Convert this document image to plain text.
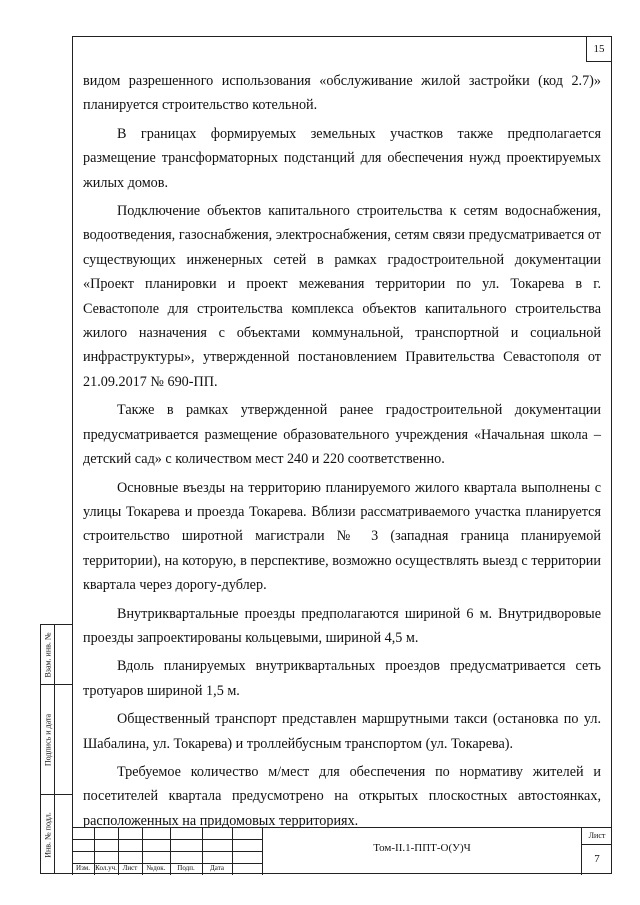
15

видом разрешенного использования «обслуживание жилой застройки (код 2.7)» планируется строительство котельной.

В границах формируемых земельных участков также предполагается размещение трансформаторных подстанций для обеспечения нужд проектируемых жилых домов.

Подключение объектов капитального строительства к сетям водоснабжения, водоотведения, газоснабжения, электроснабжения, сетям связи предусматривается от существующих инженерных сетей в рамках градостроительной документации «Проект планировки и проект межевания территории по ул. Токарева в г. Севастополе для строительства комплекса объектов капитального строительства жилого назначения с объектами коммунальной, транспортной и социальной инфраструктуры», утвержденной постановлением Правительства Севастополя от 21.09.2017 № 690-ПП.

Также в рамках утвержденной ранее градостроительной документации предусматривается размещение образовательного учреждения «Начальная школа – детский сад» с количеством мест 240 и 220 соответственно.

Основные въезды на территорию планируемого жилого квартала выполнены с улицы Токарева и проезда Токарева. Вблизи рассматриваемого участка планируется строительство широтной магистрали № 3 (западная граница планируемой территории), на которую, в перспективе, возможно осуществлять выезд с территории квартала через дорогу-дублер.

Внутриквартальные проезды предполагаются шириной 6 м. Внутридворовые проезды запроектированы кольцевыми, шириной 4,5 м.

Вдоль планируемых внутриквартальных проездов предусматривается сеть тротуаров шириной 1,5 м.

Общественный транспорт представлен маршрутными такси (остановка по ул. Шабалина, ул. Токарева) и троллейбусным транспортом (ул. Токарева).

Требуемое количество м/мест для обеспечения по нормативу жителей и посетителей квартала предусмотрено на открытых плоскостных автостоянках, расположенных на придомовых территориях.

Взам. инв. №
Подпись и дата
Инв. № подл.
Изм. Кол.уч. Лист	№док.	Подп.	Дата
Том-II.1-ППТ-О(У)Ч
Лист
7
